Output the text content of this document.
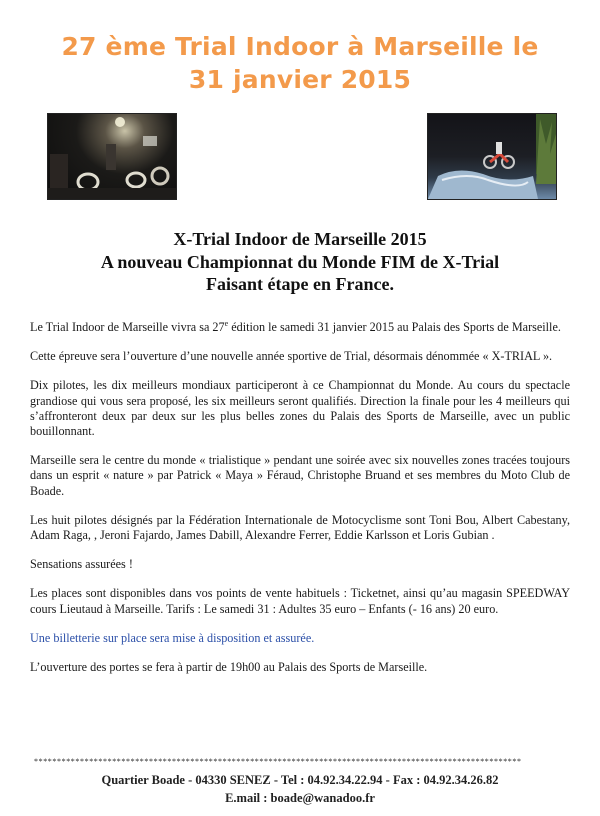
27 ème Trial Indoor à Marseille le
31 janvier 2015
X-Trial Indoor de Marseille 2015
A nouveau Championnat du Monde FIM de X-Trial
Faisant étape en France.

Le Trial Indoor de Marseille vivra sa 27e édition le samedi 31 janvier 2015 au Palais des Sports de Marseille.

Cette épreuve sera l’ouverture d’une nouvelle année sportive de Trial, désormais dénommée « X-TRIAL ».

Dix pilotes, les dix meilleurs mondiaux participeront à ce Championnat du Monde. Au cours du spectacle grandiose qui vous sera proposé, les six meilleurs seront qualifiés. Direction la finale pour les 4 meilleurs qui s’affronteront deux par deux sur les plus belles zones du Palais des Sports de Marseille, avec un public bouillonnant.

Marseille sera le centre du monde « trialistique » pendant une soirée avec six nouvelles zones tracées toujours dans un esprit « nature » par Patrick « Maya » Féraud, Christophe Bruand et ses membres du Moto Club de Boade.

Les huit pilotes désignés par la Fédération Internationale de Motocyclisme sont Toni Bou, Albert Cabestany, Adam Raga, , Jeroni Fajardo, James Dabill, Alexandre Ferrer, Eddie Karlsson et Loris Gubian .

Sensations assurées !

Les places sont disponibles dans vos points de vente habituels : Ticketnet, ainsi qu’au magasin SPEEDWAY cours Lieutaud à Marseille. Tarifs : Le samedi 31 : Adultes 35 euro – Enfants (- 16 ans) 20 euro.

Une billetterie sur place sera mise à disposition et assurée.

L’ouverture des portes se fera à partir de 19h00 au Palais des Sports de Marseille.

**********************************************************************************************************
Quartier Boade - 04330 SENEZ - Tel : 04.92.34.22.94 - Fax : 04.92.34.26.82
E.mail : boade@wanadoo.fr
